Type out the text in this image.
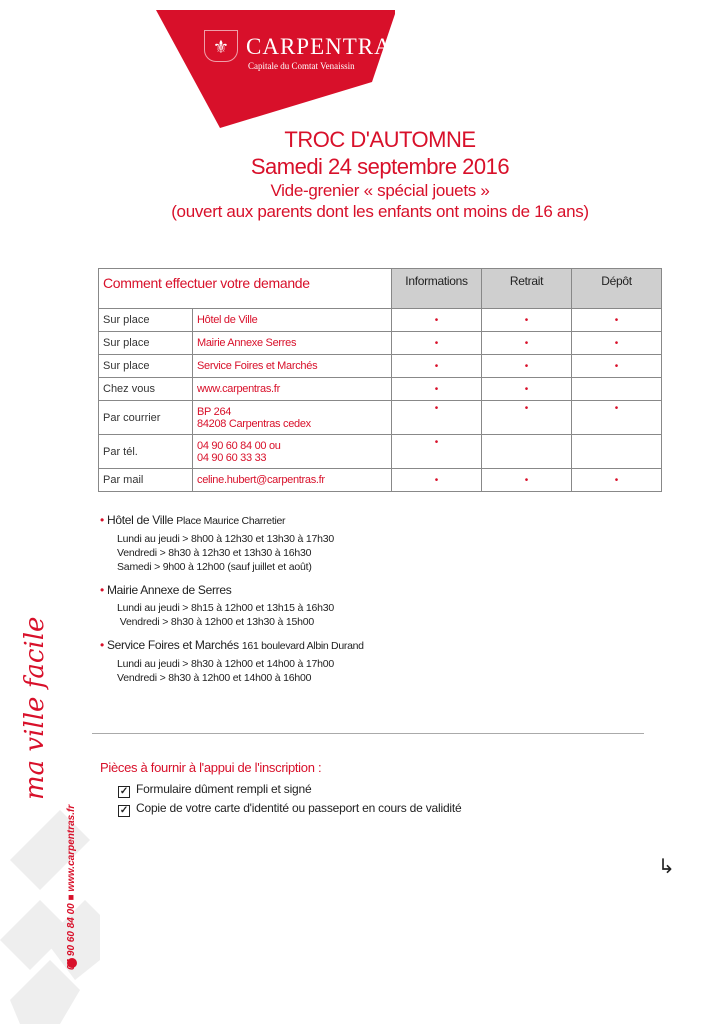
⚜ CARPENTRAS
Capitale du Comtat Venaissin
TROC D'AUTOMNE
Samedi 24 septembre 2016
Vide-grenier « spécial jouets »
(ouvert aux parents dont les enfants ont moins de 16 ans)
Comment effectuer votre demande		Informations	Retrait	Dépôt
Sur place	Hôtel de Ville	•	•	•
Sur place	Mairie Annexe Serres	•	•	•
Sur place	Service Foires et Marchés	•	•	•
Chez vous	www.carpentras.fr	•	•	
Par courrier	BP 264
84208 Carpentras cedex	•	•	•
Par tél.	04 90 60 84 00 ou
04 90 60 33 33	•		
Par mail	celine.hubert@carpentras.fr	•	•	•
• Hôtel de Ville Place Maurice Charretier
Lundi au jeudi > 8h00 à 12h30 et 13h30 à 17h30
Vendredi > 8h30 à 12h30 et 13h30 à 16h30
Samedi > 9h00 à 12h00 (sauf juillet et août)
• Mairie Annexe de Serres
Lundi au jeudi > 8h15 à 12h00 et 13h15 à 16h30
Vendredi > 8h30 à 12h00 et 13h30 à 15h00
• Service Foires et Marchés 161 boulevard Albin Durand
Lundi au jeudi > 8h30 à 12h00 et 14h00 à 17h00
Vendredi > 8h30 à 12h00 et 14h00 à 16h00
Pièces à fournir à l'appui de l'inscription :
✓ Formulaire dûment rempli et signé
✓ Copie de votre carte d'identité ou passeport en cours de validité
↳
ma ville facile
04 90 60 84 00 ■ www.carpentras.fr
